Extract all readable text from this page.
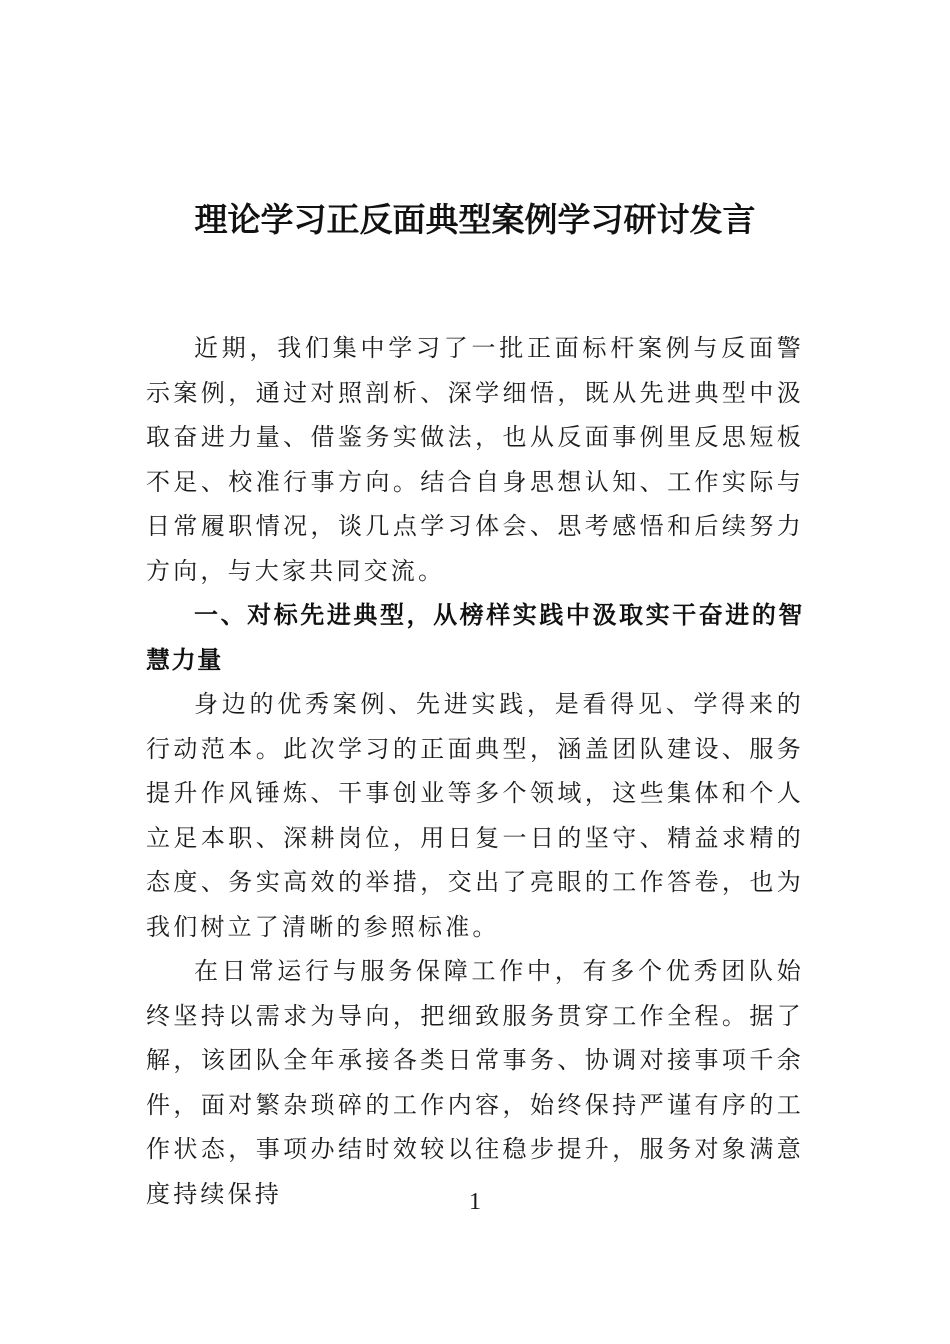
理论学习正反面典型案例学习研讨发言

近期，我们集中学习了一批正面标杆案例与反面警示案例，通过对照剖析、深学细悟，既从先进典型中汲取奋进力量、借鉴务实做法，也从反面事例里反思短板不足、校准行事方向。结合自身思想认知、工作实际与日常履职情况，谈几点学习体会、思考感悟和后续努力方向，与大家共同交流。

一、对标先进典型，从榜样实践中汲取实干奋进的智慧力量

身边的优秀案例、先进实践，是看得见、学得来的行动范本。此次学习的正面典型，涵盖团队建设、服务提升作风锤炼、干事创业等多个领域，这些集体和个人立足本职、深耕岗位，用日复一日的坚守、精益求精的态度、务实高效的举措，交出了亮眼的工作答卷，也为我们树立了清晰的参照标准。

在日常运行与服务保障工作中，有多个优秀团队始终坚持以需求为导向，把细致服务贯穿工作全程。据了解，该团队全年承接各类日常事务、协调对接事项千余件，面对繁杂琐碎的工作内容，始终保持严谨有序的工作状态，事项办结时效较以往稳步提升，服务对象满意度持续保持	1
